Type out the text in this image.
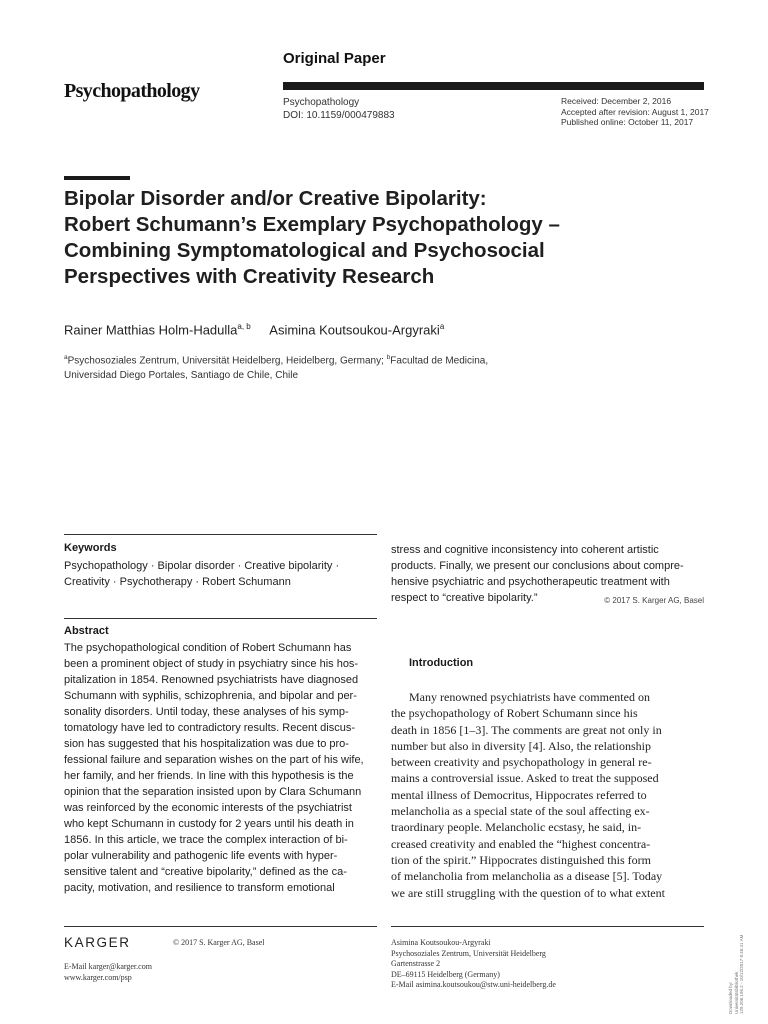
Psychopathology
Original Paper
Psychopathology
DOI: 10.1159/000479883
Received: December 2, 2016
Accepted after revision: August 1, 2017
Published online: October 11, 2017
Bipolar Disorder and/or Creative Bipolarity:
Robert Schumann’s Exemplary Psychopathology –
Combining Symptomatological and Psychosocial
Perspectives with Creativity Research
Rainer Matthias Holm-Hadulla$^{a, b}$ Asimina Koutsoukou-Argyraki$^a$
$^a$Psychosoziales Zentrum, Universität Heidelberg, Heidelberg, Germany; $^b$Facultad de Medicina,
Universidad Diego Portales, Santiago de Chile, Chile
Keywords
Psychopathology · Bipolar disorder · Creative bipolarity ·
Creativity · Psychotherapy · Robert Schumann
Abstract
The psychopathological condition of Robert Schumann has
been a prominent object of study in psychiatry since his hos-
pitalization in 1854. Renowned psychiatrists have diagnosed
Schumann with syphilis, schizophrenia, and bipolar and per-
sonality disorders. Until today, these analyses of his symp-
tomatology have led to contradictory results. Recent discus-
sion has suggested that his hospitalization was due to pro-
fessional failure and separation wishes on the part of his wife,
her family, and her friends. In line with this hypothesis is the
opinion that the separation insisted upon by Clara Schumann
was reinforced by the economic interests of the psychiatrist
who kept Schumann in custody for 2 years until his death in
1856. In this article, we trace the complex interaction of bi-
polar vulnerability and pathogenic life events with hyper-
sensitive talent and “creative bipolarity,” defined as the ca-
pacity, motivation, and resilience to transform emotional
stress and cognitive inconsistency into coherent artistic
products. Finally, we present our conclusions about compre-
hensive psychiatric and psychotherapeutic treatment with
respect to “creative bipolarity.”	© 2017 S. Karger AG, Basel
Introduction
Many renowned psychiatrists have commented on
the psychopathology of Robert Schumann since his
death in 1856 [1–3]. The comments are great not only in
number but also in diversity [4]. Also, the relationship
between creativity and psychopathology in general re-
mains a controversial issue. Asked to treat the supposed
mental illness of Democritus, Hippocrates referred to
melancholia as a special state of the soul affecting ex-
traordinary people. Melancholic ecstasy, he said, in-
creased creativity and enabled the “highest concentra-
tion of the spirit.” Hippocrates distinguished this form
of melancholia from melancholia as a disease [5]. Today
we are still struggling with the question of to what extent
KARGER	© 2017 S. Karger AG, Basel
E-Mail karger@karger.com
www.karger.com/psp
Asimina Koutsoukou-Argyraki
Psychosoziales Zentrum, Universität Heidelberg
Gartenstrasse 2
DE–69115 Heidelberg (Germany)
E-Mail asimina.koutsoukou@stw.uni-heidelberg.de	Downloaded by: Universitätsbibliothek 129.206.196.2 - 10/12/2017 8:46:41 AM
